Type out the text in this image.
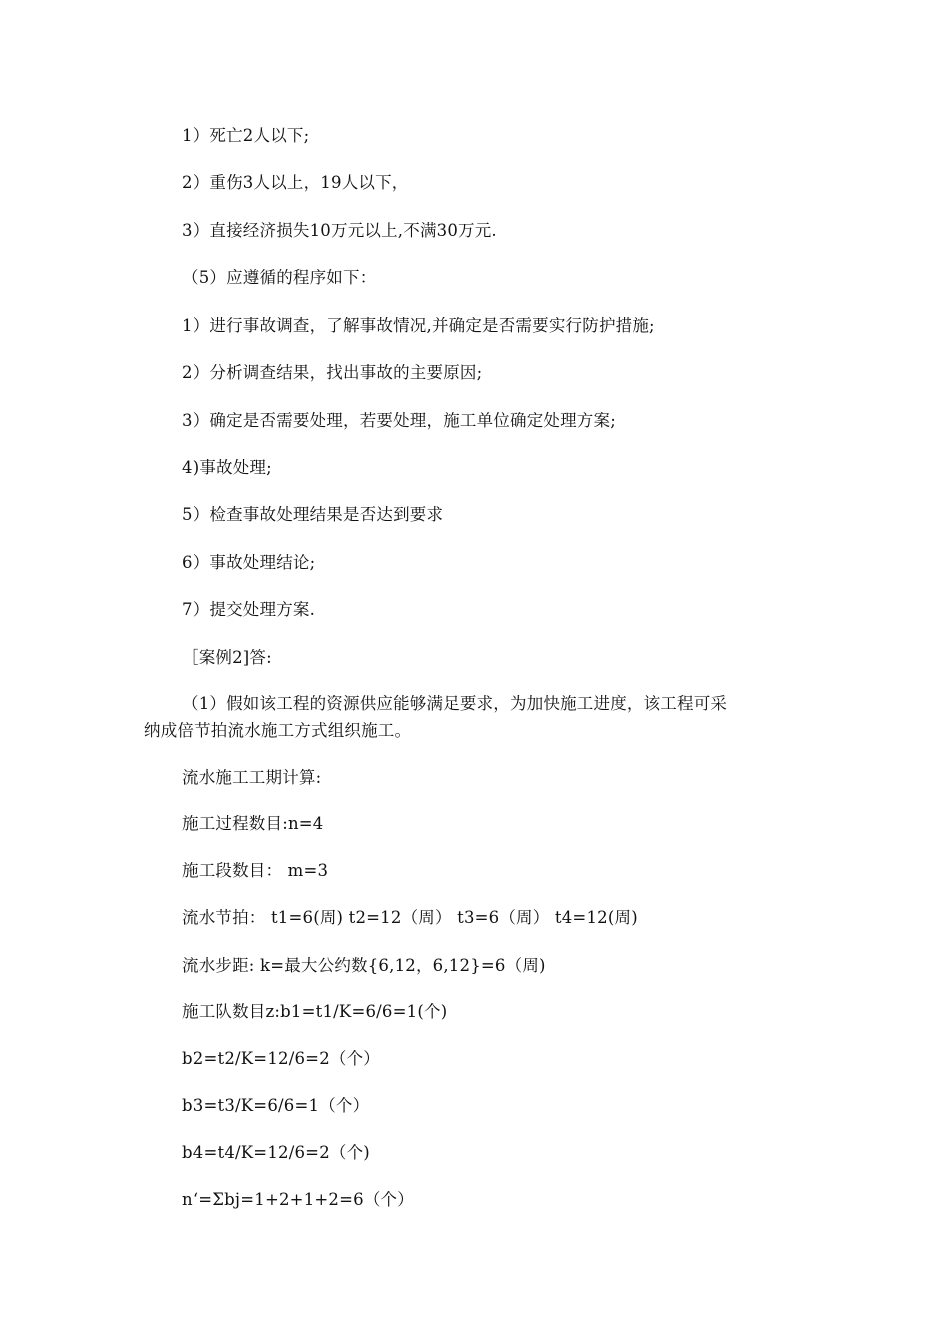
1）死亡2人以下;
2）重伤3人以上，19人以下，
3）直接经济损失10万元以上,不满30万元.
（5）应遵循的程序如下：
1）进行事故调查，了解事故情况,并确定是否需要实行防护措施;
2）分析调查结果，找出事故的主要原因;
3）确定是否需要处理，若要处理，施工单位确定处理方案;
4)事故处理;
5）检查事故处理结果是否达到要求
6）事故处理结论;
7）提交处理方案.
［案例2]答:
（1）假如该工程的资源供应能够满足要求，为加快施工进度，该工程可采
纳成倍节拍流水施工方式组织施工。
流水施工工期计算:
施工过程数目:n=4
施工段数目： m=3
流水节拍： t1=6(周) t2=12（周） t3=6（周） t4=12(周)
流水步距: k=最大公约数{6,12，6,12}=6（周)
施工队数目z:b1=t1/K=6/6=1(个)
b2=t2/K=12/6=2（个）
b3=t3/K=6/6=1（个）
b4=t4/K=12/6=2（个)
n‘=Σbj=1+2+1+2=6（个）
